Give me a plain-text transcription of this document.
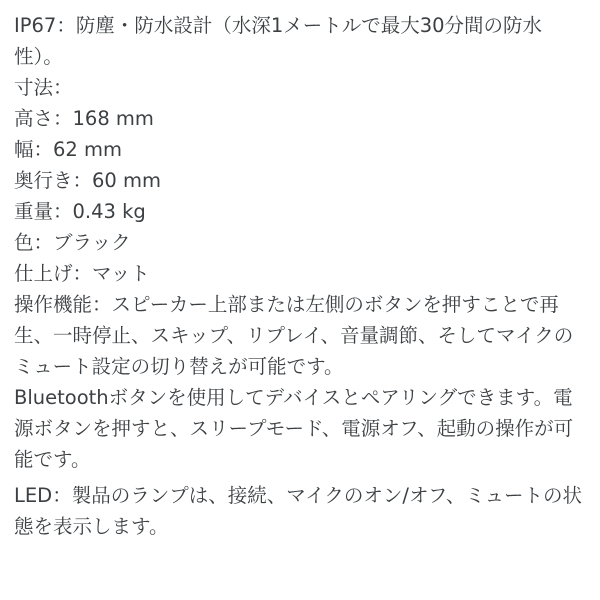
IP67：防塵・防水設計（水深1メートルで最大30分間の防水性）。

寸法：

高さ：168 mm

幅：62 mm

奥行き：60 mm

重量：0.43 kg

色：ブラック

仕上げ：マット

操作機能：スピーカー上部または左側のボタンを押すことで再生、一時停止、スキップ、リプレイ、音量調節、そしてマイクのミュート設定の切り替えが可能です。

Bluetoothボタンを使用してデバイスとペアリングできます。電源ボタンを押すと、スリープモード、電源オフ、起動の操作が可能です。

LED：製品のランプは、接続、マイクのオン/オフ、ミュートの状態を表示します。
